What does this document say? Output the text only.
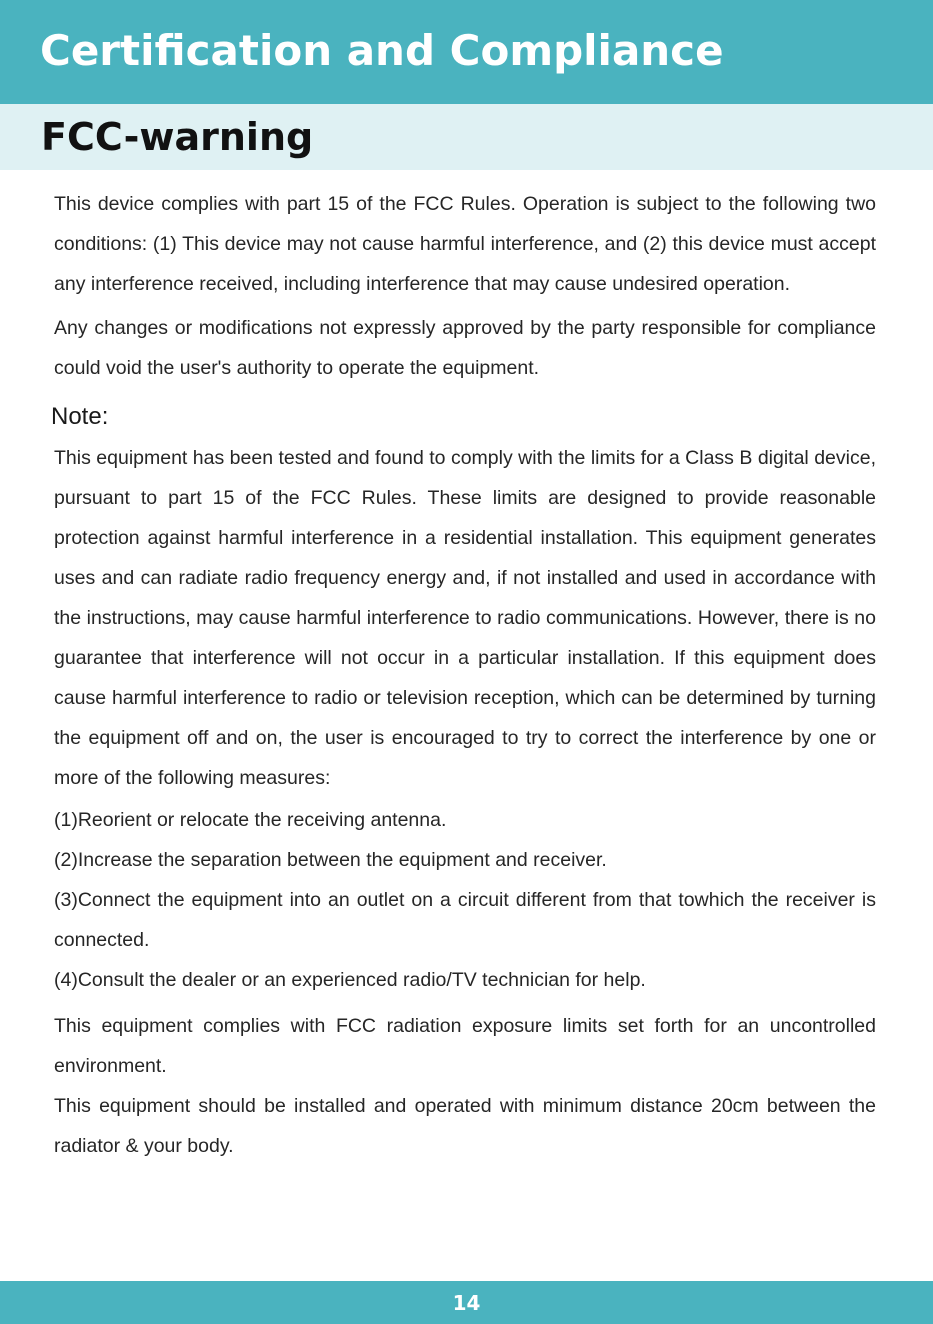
Certification and Compliance
FCC-warning

This device complies with part 15 of the FCC Rules. Operation is subject to the following two conditions: (1) This device may not cause harmful interference, and (2) this device must accept any interference received, including interference that may cause undesired operation.

Any changes or modifications not expressly approved by the party responsible for compliance could void the user's authority to operate the equipment.

Note:

This equipment has been tested and found to comply with the limits for a Class B digital device, pursuant to part 15 of the FCC Rules. These limits are designed to provide reasonable protection against harmful interference in a residential installation. This equipment generates uses and can radiate radio frequency energy and, if not installed and used in accordance with the instructions, may cause harmful interference to radio communications. However, there is no guarantee that interference will not occur in a particular installation. If this equipment does cause harmful interference to radio or television reception, which can be determined by turning the equipment off and on, the user is encouraged to try to correct the interference by one or more of the following measures:

(1)Reorient or relocate the receiving antenna.
(2)Increase the separation between the equipment and receiver.
(3)Connect the equipment into an outlet on a circuit different from that towhich the receiver is connected.
(4)Consult the dealer or an experienced radio/TV technician for help.

This equipment complies with FCC radiation exposure limits set forth for an uncontrolled environment.

This equipment should be installed and operated with minimum distance 20cm between the radiator & your body.

14
